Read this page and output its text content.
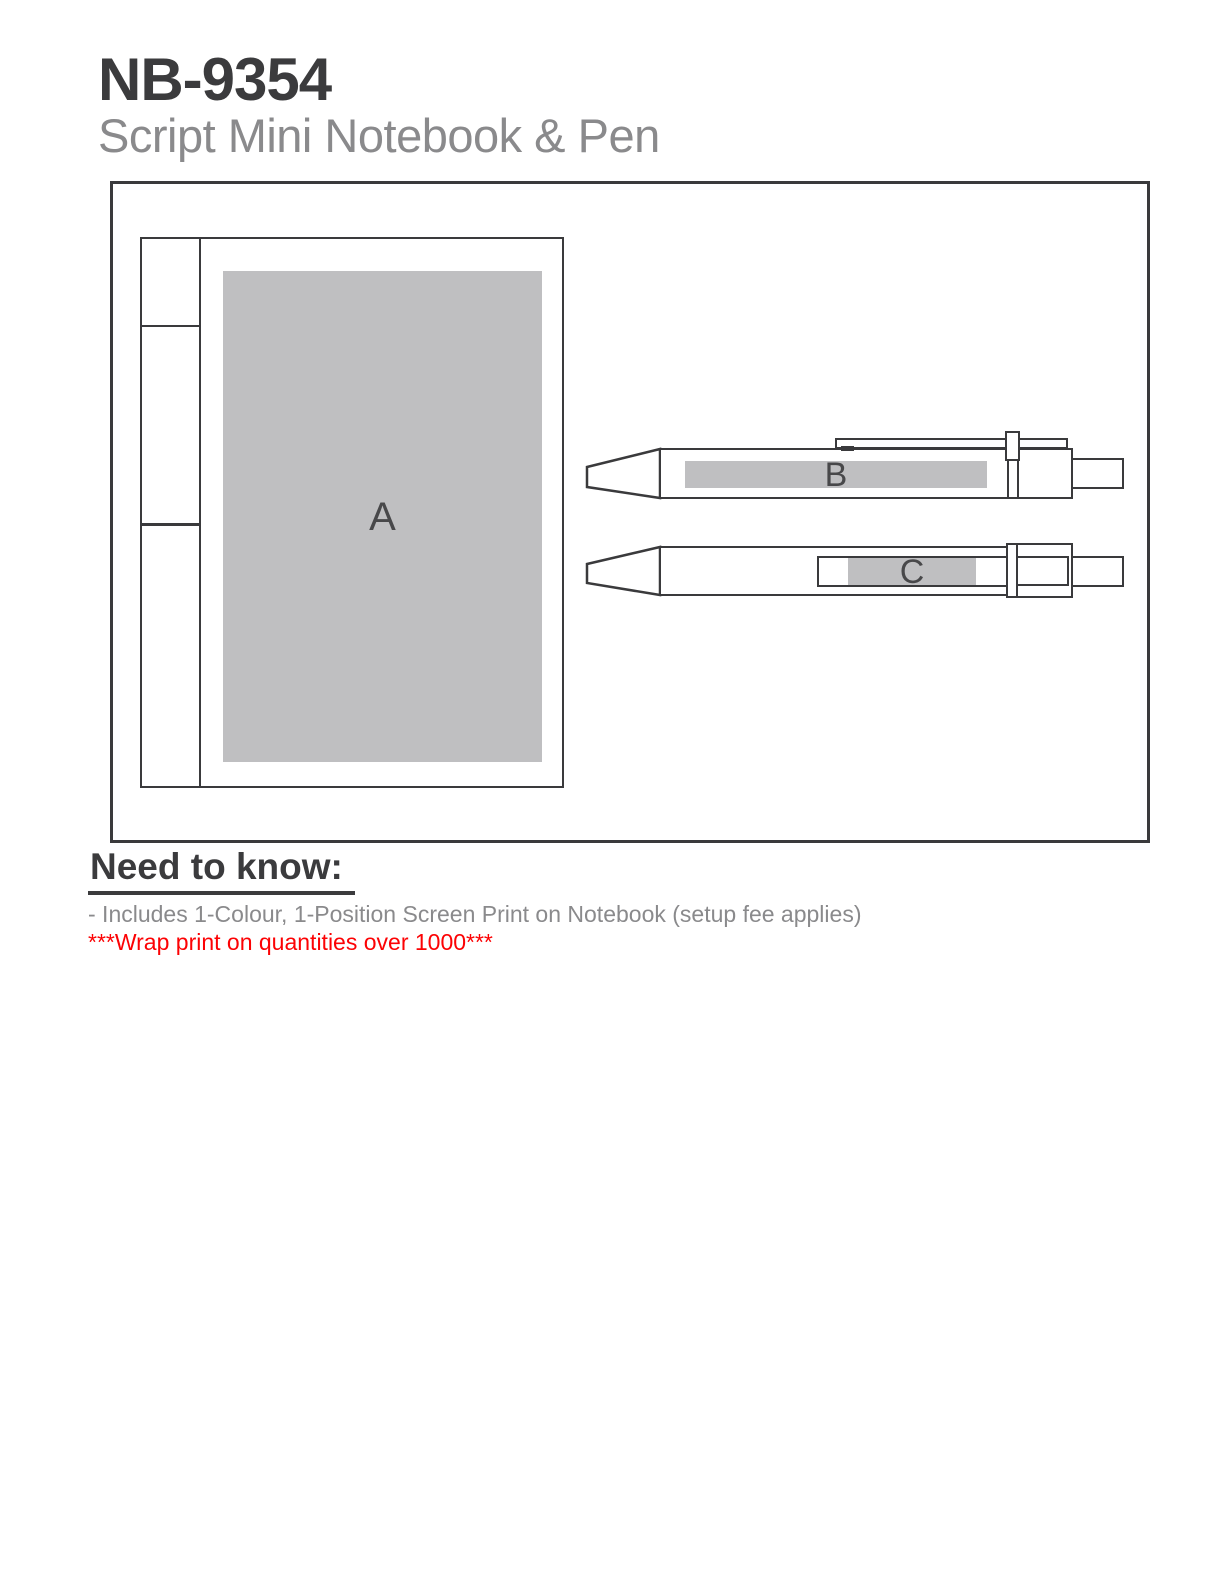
NB-9354
Script Mini Notebook & Pen
A
B
C
Need to know:

- Includes 1-Colour, 1-Position Screen Print on Notebook (setup fee applies)

***Wrap print on quantities over 1000***
